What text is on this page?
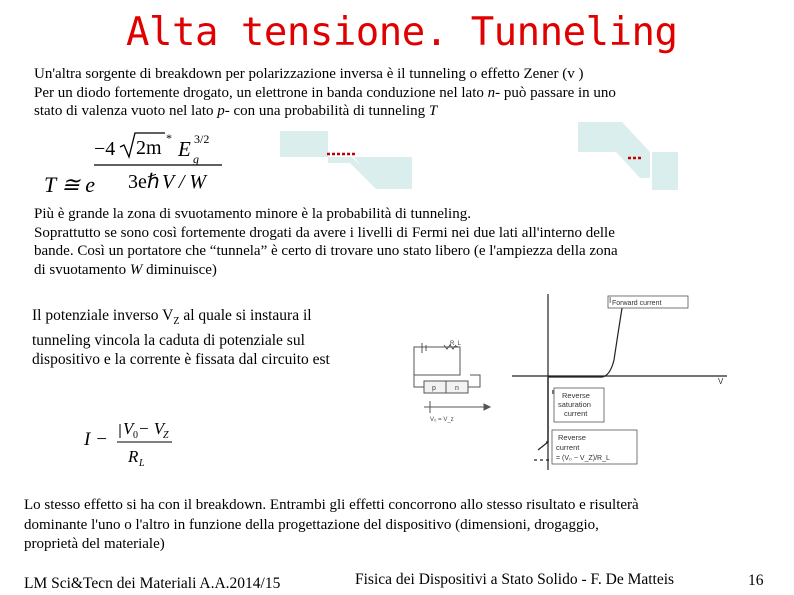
Alta tensione. Tunneling
Un'altra sorgente di breakdown per polarizzazione inversa è il tunneling o effetto Zener (v )
Per un diodo fortemente drogato, un elettrone in banda conduzione nel lato n- può passare in uno
stato di valenza vuoto nel lato p- con una probabilità di tunneling T
T ≅ e
−4 2m * E g
3/2
3eℏ V / W
Più è grande la zona di svuotamento minore è la probabilità di tunneling.
Soprattutto se sono così fortemente drogati da avere i livelli di Fermi nei due lati all'interno delle
bande. Così un portatore che “tunnela” è certo di trovare uno stato libero (e l'ampiezza della zona
di svuotamento W diminuisce)
Il potenziale inverso $V_Z$ al quale si instaura il
tunneling vincola la caduta di potenziale sul
dispositivo e la corrente è fissata dal circuito est
I −
V 0 − V
Z
R L
R_L
p	n
V₀ = V_z
Forward current
I
V
Reverse
saturation
current
Reverse
current
= (V₀ − V_Z)/R_L
Lo stesso effetto si ha con il breakdown. Entrambi gli effetti concorrono allo stesso risultato e risulterà
dominante l'uno o l'altro in funzione della progettazione del dispositivo (dimensioni, drogaggio,
proprietà del materiale)
LM Sci&Tecn dei Materiali A.A.2014/15	Fisica dei Dispositivi a Stato Solido - F. De Matteis	16
